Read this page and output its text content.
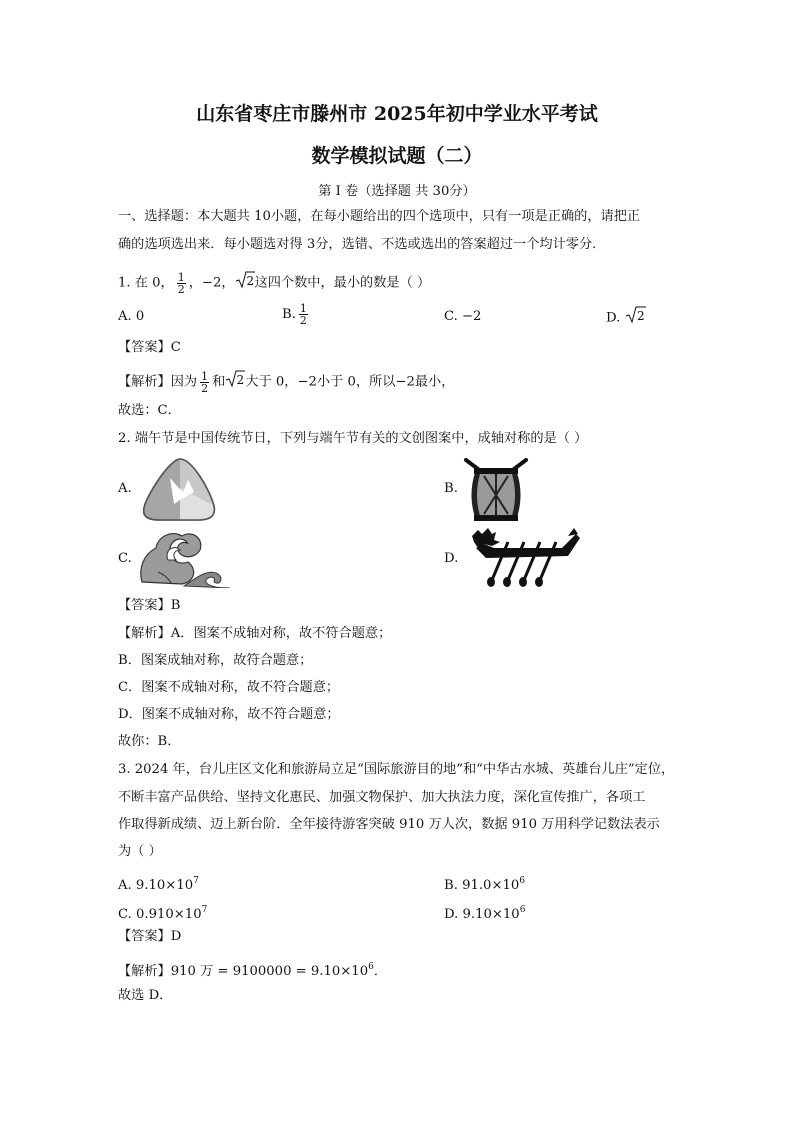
山东省枣庄市滕州市 2025年初中学业水平考试
数学模拟试题（二）
第 I 卷（选择题 共 30分）
一、选择题：本大题共 10小题，在每小题给出的四个选项中，只有一项是正确的，请把正
确的选项选出来．每小题选对得 3分，选错、不选或选出的答案超过一个均计零分．
1. 在 0， $\frac{1}{2}$ ，−2， 2 这四个数中，最小的数是（ ）
A. 0	B. $\frac{1}{2}$	C. −2	D. 2
【答案】C
【解析】因为 $\frac{1}{2}$ 和 2 大于 0，−2小于 0，所以−2最小，
故选：C．
2. 端午节是中国传统节日，下列与端午节有关的文创图案中，成轴对称的是（ ）
A.	B.
C.	D.
【答案】B
【解析】A．图案不成轴对称，故不符合题意；
B．图案成轴对称，故符合题意；
C．图案不成轴对称，故不符合题意；
D．图案不成轴对称，故不符合题意；
故你：B．
3. 2024 年，台儿庄区文化和旅游局立足“国际旅游目的地”和“中华古水城、英雄台儿庄”定位，
不断丰富产品供给、坚持文化惠民、加强文物保护、加大执法力度，深化宣传推广，各项工
作取得新成绩、迈上新台阶．全年接待游客突破 910 万人次，数据 910 万用科学记数法表示
为（ ）
A. $9.10\times 10^7$	B. $91.0\times 10^6$
C. $0.910\times 10^7$	D. $9.10\times 10^6$
【答案】D
【解析】910 万 = $9100000 = 9.10\times 10^6$．
故选 D．
